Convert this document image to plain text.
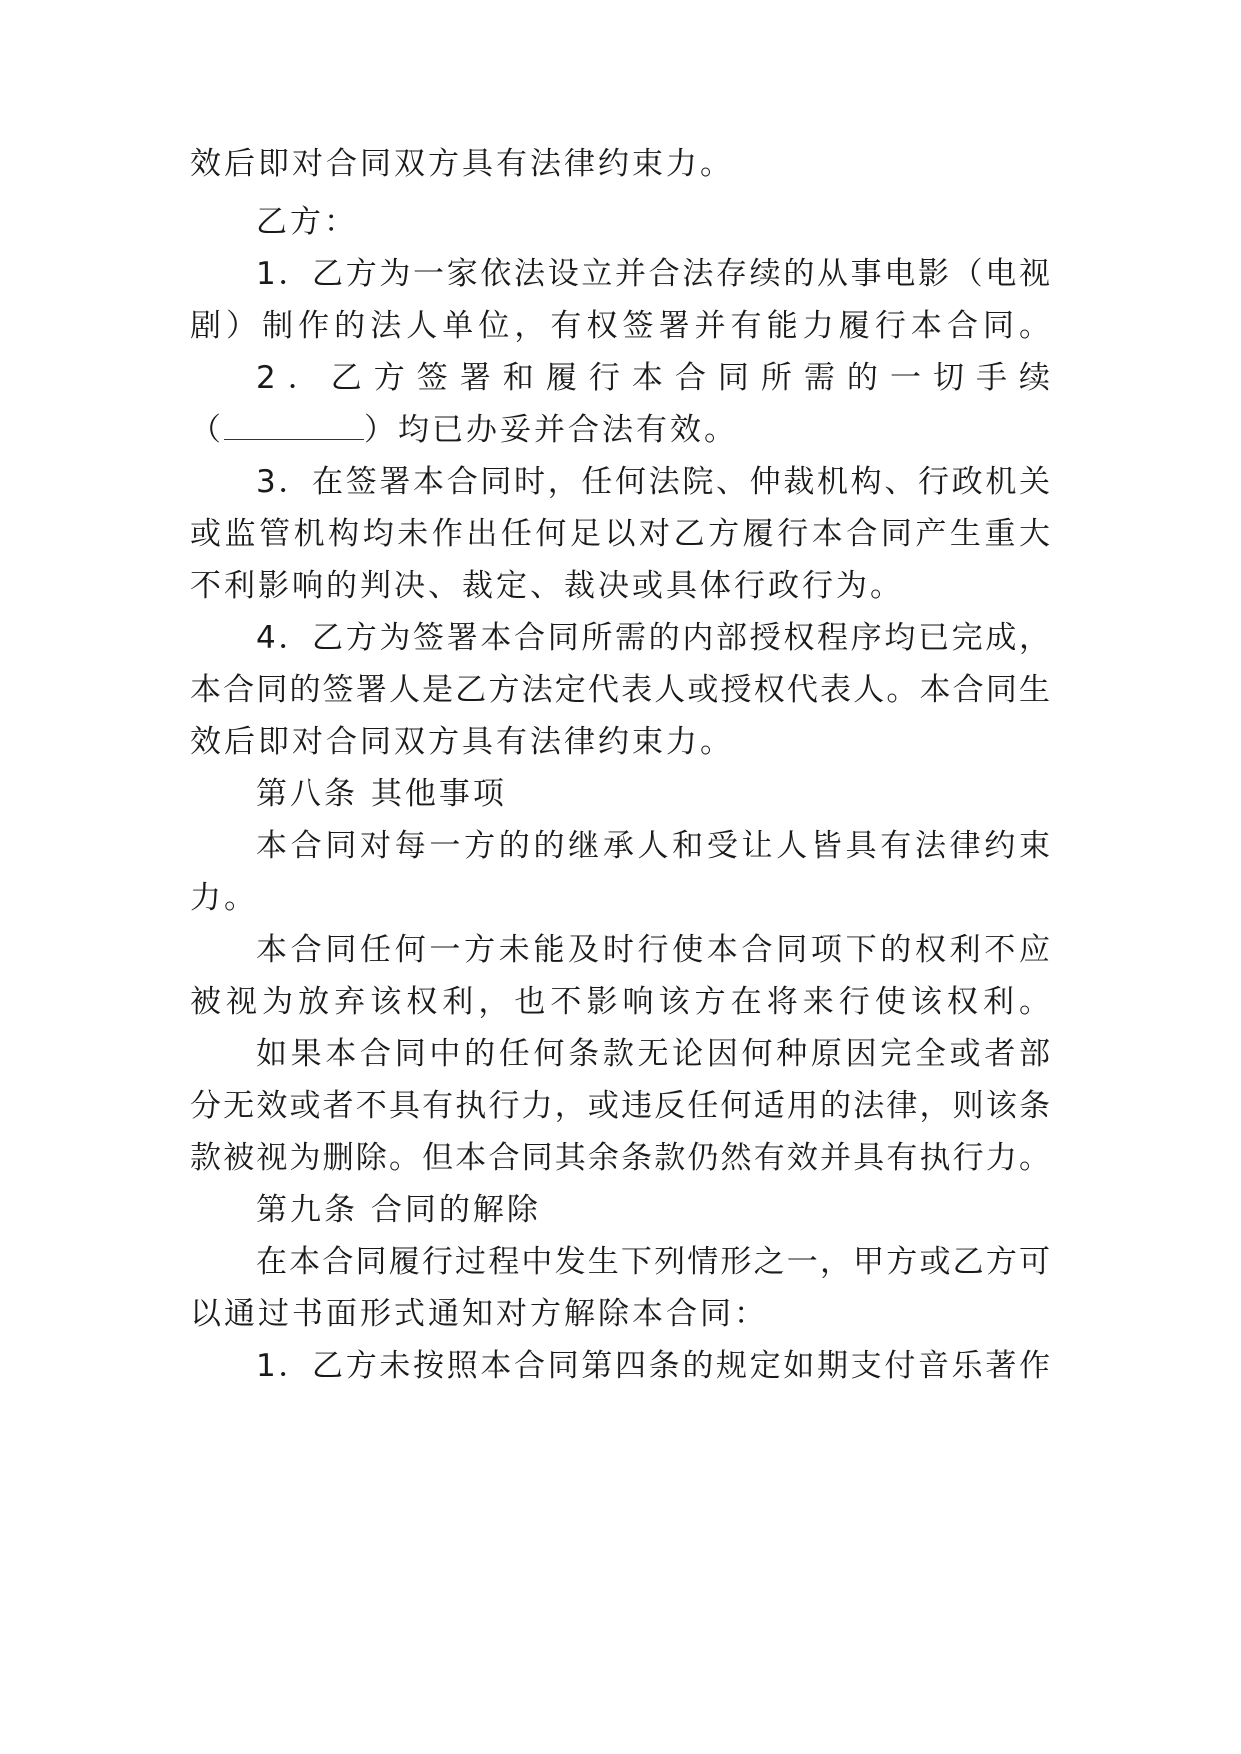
效后即对合同双方具有法律约束力。
乙方：
1．乙方为一家依法设立并合法存续的从事电影（电视
剧）制作的法人单位，有权签署并有能力履行本合同。
2．乙方签署和履行本合同所需的一切手续
（	）均已办妥并合法有效。
3．在签署本合同时，任何法院、仲裁机构、行政机关
或监管机构均未作出任何足以对乙方履行本合同产生重大
不利影响的判决、裁定、裁决或具体行政行为。
4．乙方为签署本合同所需的内部授权程序均已完成，
本合同的签署人是乙方法定代表人或授权代表人。本合同生
效后即对合同双方具有法律约束力。
第八条 其他事项
本合同对每一方的的继承人和受让人皆具有法律约束
力。
本合同任何一方未能及时行使本合同项下的权利不应
被视为放弃该权利，也不影响该方在将来行使该权利。
如果本合同中的任何条款无论因何种原因完全或者部
分无效或者不具有执行力，或违反任何适用的法律，则该条
款被视为删除。但本合同其余条款仍然有效并具有执行力。
第九条 合同的解除
在本合同履行过程中发生下列情形之一，甲方或乙方可
以通过书面形式通知对方解除本合同：
1．乙方未按照本合同第四条的规定如期支付音乐著作
